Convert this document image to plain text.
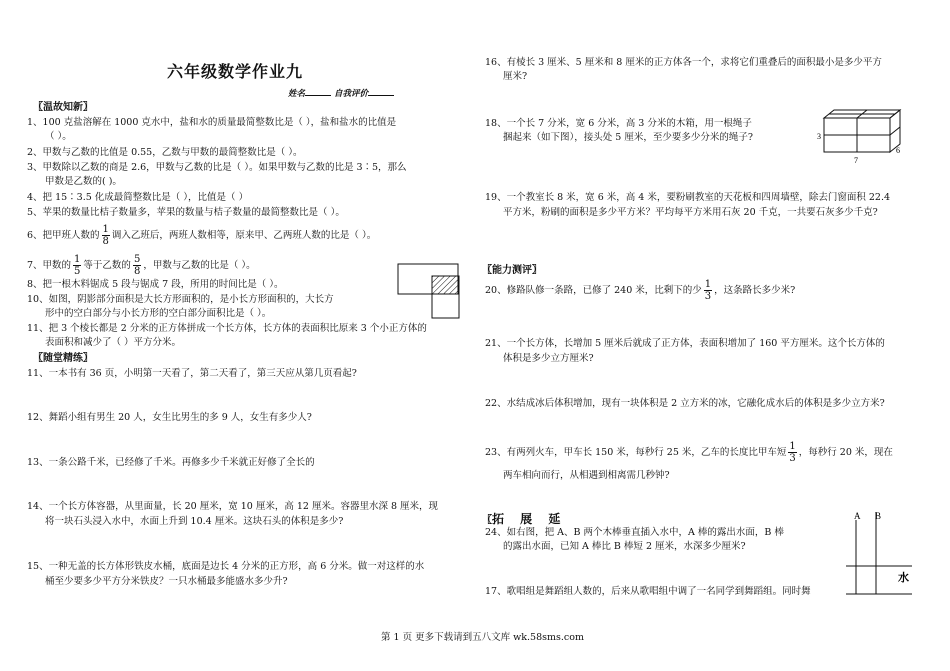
六年级数学作业九
姓名	自我评价
〖温故知新〗
1、100 克盐溶解在 1000 克水中，盐和水的质量最简整数比是（ ），盐和盐水的比值是
（ ）。
2、甲数与乙数的比值是 0.55，乙数与甲数的最简整数比是（ ）。
3、甲数除以乙数的商是 2.6，甲数与乙数的比是（ ）。如果甲数与乙数的比是 3∶5，那么
甲数是乙数的( )。
4、把 15∶3.5 化成最简整数比是（ ），比值是（ ）
5、苹果的数量比桔子数量多，苹果的数量与桔子数量的最简整数比是（ ）。
6、把甲班人数的 $\frac{1}{8}$ 调入乙班后，两班人数相等，原来甲、乙两班人数的比是（ ）。
7、甲数的 $\frac{1}{5}$ 等于乙数的 $\frac{5}{8}$ ，甲数与乙数的比是（ ）。
8、把一根木料锯成 5 段与锯成 7 段，所用的时间比是（ ）。
10、如图，阴影部分面积是大长方形面积的，是小长方形面积的，大长方
形中的空白部分与小长方形的空白部分面积比是（ ）。
11、把 3 个棱长都是 2 分米的正方体拼成一个长方体，长方体的表面积比原来 3 个小正方体的
表面积和减少了（ ）平方分米。
〖随堂精练〗
11、一本书有 36 页，小明第一天看了，第二天看了，第三天应从第几页看起?
12、舞蹈小组有男生 20 人，女生比男生的多 9 人，女生有多少人?
13、一条公路千米，已经修了千米。再修多少千米就正好修了全长的
14、一个长方体容器，从里面量，长 20 厘米，宽 10 厘米，高 12 厘米。容器里水深 8 厘米，现
将一块石头浸入水中，水面上升到 10.4 厘米。这块石头的体积是多少?
15、一种无盖的长方体形铁皮水桶，底面是边长 4 分米的正方形，高 6 分米。做一对这样的水
桶至少要多少平方分米铁皮？一只水桶最多能盛水多少升?
16、有棱长 3 厘米、5 厘米和 8 厘米的正方体各一个，求将它们重叠后的面积最小是多少平方
厘米?
18、一个长 7 分米，宽 6 分米，高 3 分米的木箱，用一根绳子
捆起来（如下图），接头处 5 厘米，至少要多少分米的绳子?	3
7
6
19、一个教室长 8 米，宽 6 米，高 4 米，要粉刷教室的天花板和四周墙壁，除去门窗面积 22.4
平方米，粉刷的面积是多少平方米？平均每平方米用石灰 20 千克，一共要石灰多少千克?
〖能力测评〗
20、修路队修一条路，已修了 240 米，比剩下的少 $\frac{1}{3}$ ，这条路长多少米?
21、一个长方体，长增加 5 厘米后就成了正方体，表面积增加了 160 平方厘米。这个长方体的
体积是多少立方厘米?
22、水结成冰后体积增加，现有一块体积是 2 立方米的冰，它融化成水后的体积是多少立方米?
23、有两列火车，甲车长 150 米，每秒行 25 米，乙车的长度比甲车短 $\frac{1}{3}$ ，每秒行 20 米，现在
两车相向而行，从相遇到相离需几秒钟?
〖拓 展 延
24、如右图，把 A、B 两个木棒垂直插入水中，A 棒的露出水面，B 棒
的露出水面，已知 A 棒比 B 棒短 2 厘米，水深多少厘米?
A B
水
17、歌唱组是舞蹈组人数的，后来从歌唱组中调了一名同学到舞蹈组。同时舞
第 1 页 更多下载请到五八文库 wk.58sms.com
